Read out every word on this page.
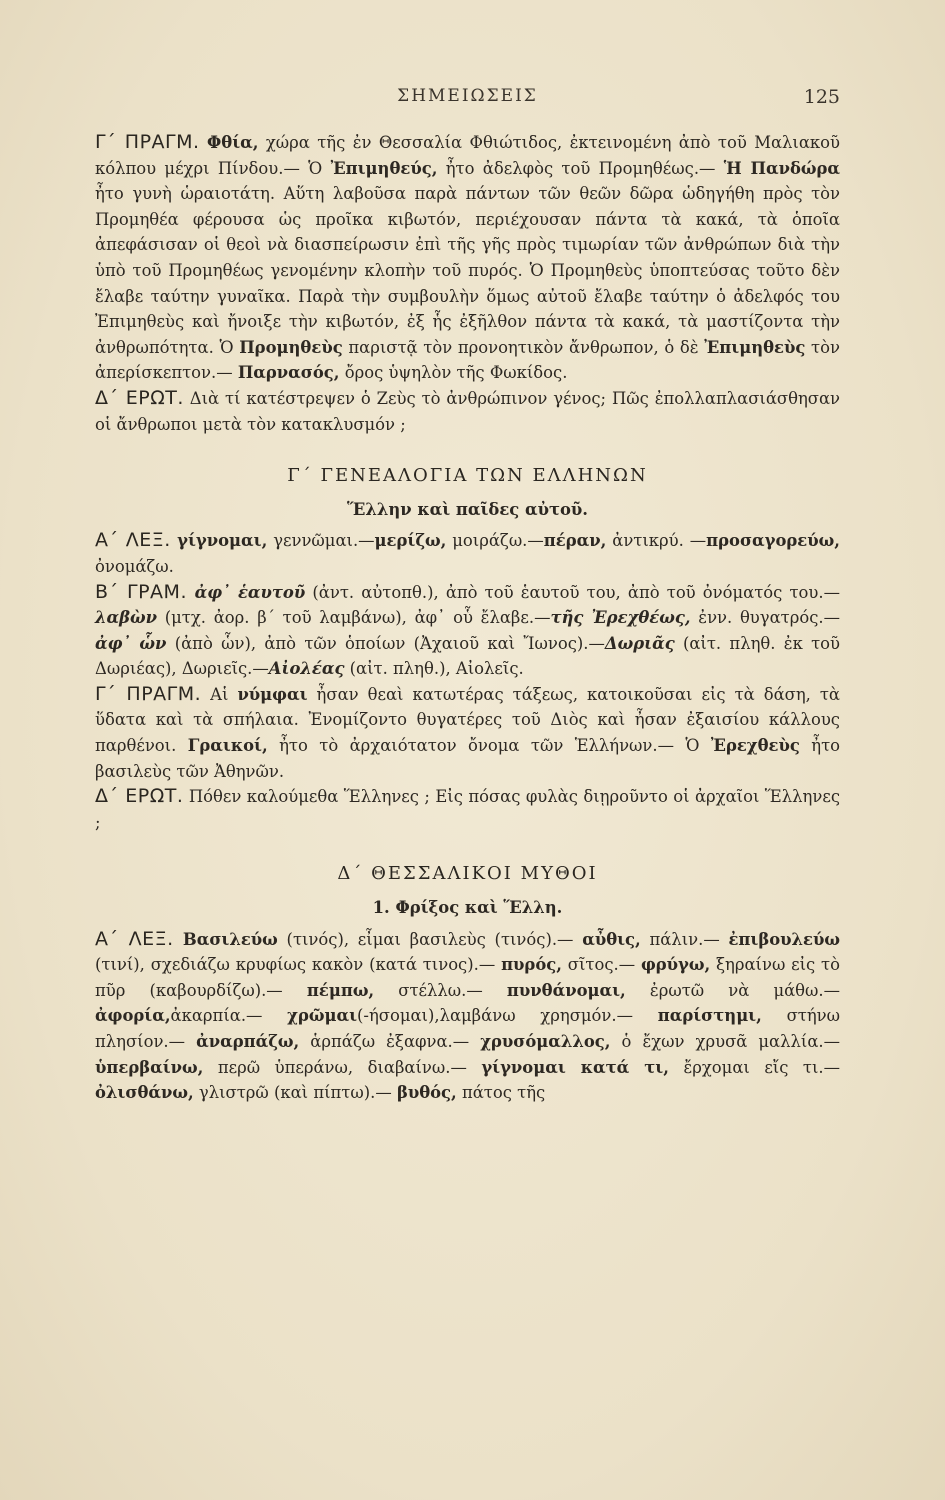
ΣΗΜΕΙΩΣΕΙΣ	125

Γ΄ ΠΡΑΓΜ. Φθία, χώρα τῆς ἐν Θεσσαλία Φθιώτιδος, ἐκτεινομένη ἀπὸ τοῦ Μαλιακοῦ κόλπου μέχρι Πίνδου.— Ὁ Ἐπιμηθεύς, ἦτο ἀδελφὸς τοῦ Προμηθέως.— Ἡ Πανδώρα ἦτο γυνὴ ὡραιοτάτη. Αὕτη λαβοῦσα παρὰ πάντων τῶν θεῶν δῶρα ὡδηγήθη πρὸς τὸν Προμηθέα φέρουσα ὡς προῖκα κιβωτόν, περιέχουσαν πάντα τὰ κακά, τὰ ὁποῖα ἀπεφάσισαν οἱ θεοὶ νὰ διασπείρωσιν ἐπὶ τῆς γῆς πρὸς τιμωρίαν τῶν ἀνθρώπων διὰ τὴν ὑπὸ τοῦ Προμηθέως γενομένην κλοπὴν τοῦ πυρός. Ὁ Προμηθεὺς ὑποπτεύσας τοῦτο δὲν ἔλαβε ταύτην γυναῖκα. Παρὰ τὴν συμβουλὴν ὅμως αὐτοῦ ἔλαβε ταύτην ὁ ἀδελφός του Ἐπιμηθεὺς καὶ ἤνοιξε τὴν κιβωτόν, ἐξ ἧς ἐξῆλθον πάντα τὰ κακά, τὰ μαστίζοντα τὴν ἀνθρωπότητα. Ὁ Προμηθεὺς παριστᾷ τὸν προνοητικὸν ἄνθρωπον, ὁ δὲ Ἐπιμηθεὺς τὸν ἀπερίσκεπτον.— Παρνασός, ὄρος ὑψηλὸν τῆς Φωκίδος.

Δ΄ ΕΡΩΤ. Διὰ τί κατέστρεψεν ὁ Ζεὺς τὸ ἀνθρώπινον γένος; Πῶς ἐπολλαπλασιάσθησαν οἱ ἄνθρωποι μετὰ τὸν κατακλυσμόν ;

Γ΄ ΓΕΝΕΑΛΟΓΙΑ ΤΩΝ ΕΛΛΗΝΩΝ
Ἕλλην καὶ παῖδες αὐτοῦ.

Α΄ ΛΕΞ. γίγνομαι, γεννῶμαι.—μερίζω, μοιράζω.—πέραν, ἀντικρύ. —προσαγορεύω, ὀνομάζω.

Β΄ ΓΡΑΜ. ἀφ᾿ ἑαυτοῦ (ἀντ. αὐτοπθ.), ἀπὸ τοῦ ἑαυτοῦ του, ἀπὸ τοῦ ὀνόματός του.—λαβὼν (μτχ. ἀορ. β΄ τοῦ λαμβάνω), ἀφ᾿ οὗ ἔλαβε.—τῆς Ἐρεχθέως, ἐνν. θυγατρός.—ἀφ᾿ ὧν (ἀπὸ ὧν), ἀπὸ τῶν ὁποίων (Ἀχαιοῦ καὶ Ἴωνος).—Δωριᾶς (αἰτ. πληθ. ἐκ τοῦ Δωριέας), Δωριεῖς.—Αἰολέας (αἰτ. πληθ.), Αἰολεῖς.

Γ΄ ΠΡΑΓΜ. Αἱ νύμφαι ἦσαν θεαὶ κατωτέρας τάξεως, κατοικοῦσαι εἰς τὰ δάση, τὰ ὕδατα καὶ τὰ σπήλαια. Ἐνομίζοντο θυγατέρες τοῦ Διὸς καὶ ἦσαν ἐξαισίου κάλλους παρθένοι. Γραικοί, ἦτο τὸ ἀρχαιότατον ὄνομα τῶν Ἑλλήνων.— Ὁ Ἐρεχθεὺς ἦτο βασιλεὺς τῶν Ἀθηνῶν.

Δ΄ ΕΡΩΤ. Πόθεν καλούμεθα Ἕλληνες ; Εἰς πόσας φυλὰς διῃροῦντο οἱ ἀρχαῖοι Ἕλληνες ;

Δ΄ ΘΕΣΣΑΛΙΚΟΙ ΜΥΘΟΙ
1. Φρίξος καὶ Ἕλλη.

Α΄ ΛΕΞ. Βασιλεύω (τινός), εἶμαι βασιλεὺς (τινός).— αὖθις, πάλιν.— ἐπιβουλεύω (τινί), σχεδιάζω κρυφίως κακὸν (κατά τινος).— πυρός, σῖτος.— φρύγω, ξηραίνω εἰς τὸ πῦρ (καβουρδίζω).— πέμπω, στέλλω.— πυνθάνομαι, ἐρωτῶ νὰ μάθω.— ἀφορία,ἀκαρπία.— χρῶμαι(-ήσομαι),λαμβάνω χρησμόν.— παρίστημι, στήνω πλησίον.— ἀναρπάζω, ἁρπάζω ἐξαφνα.— χρυσόμαλλος, ὁ ἔχων χρυσᾶ μαλλία.— ὑπερβαίνω, περῶ ὑπεράνω, διαβαίνω.— γίγνομαι κατά τι, ἔρχομαι εἴς τι.— ὀλισθάνω, γλιστρῶ (καὶ πίπτω).— βυθός, πάτος τῆς
